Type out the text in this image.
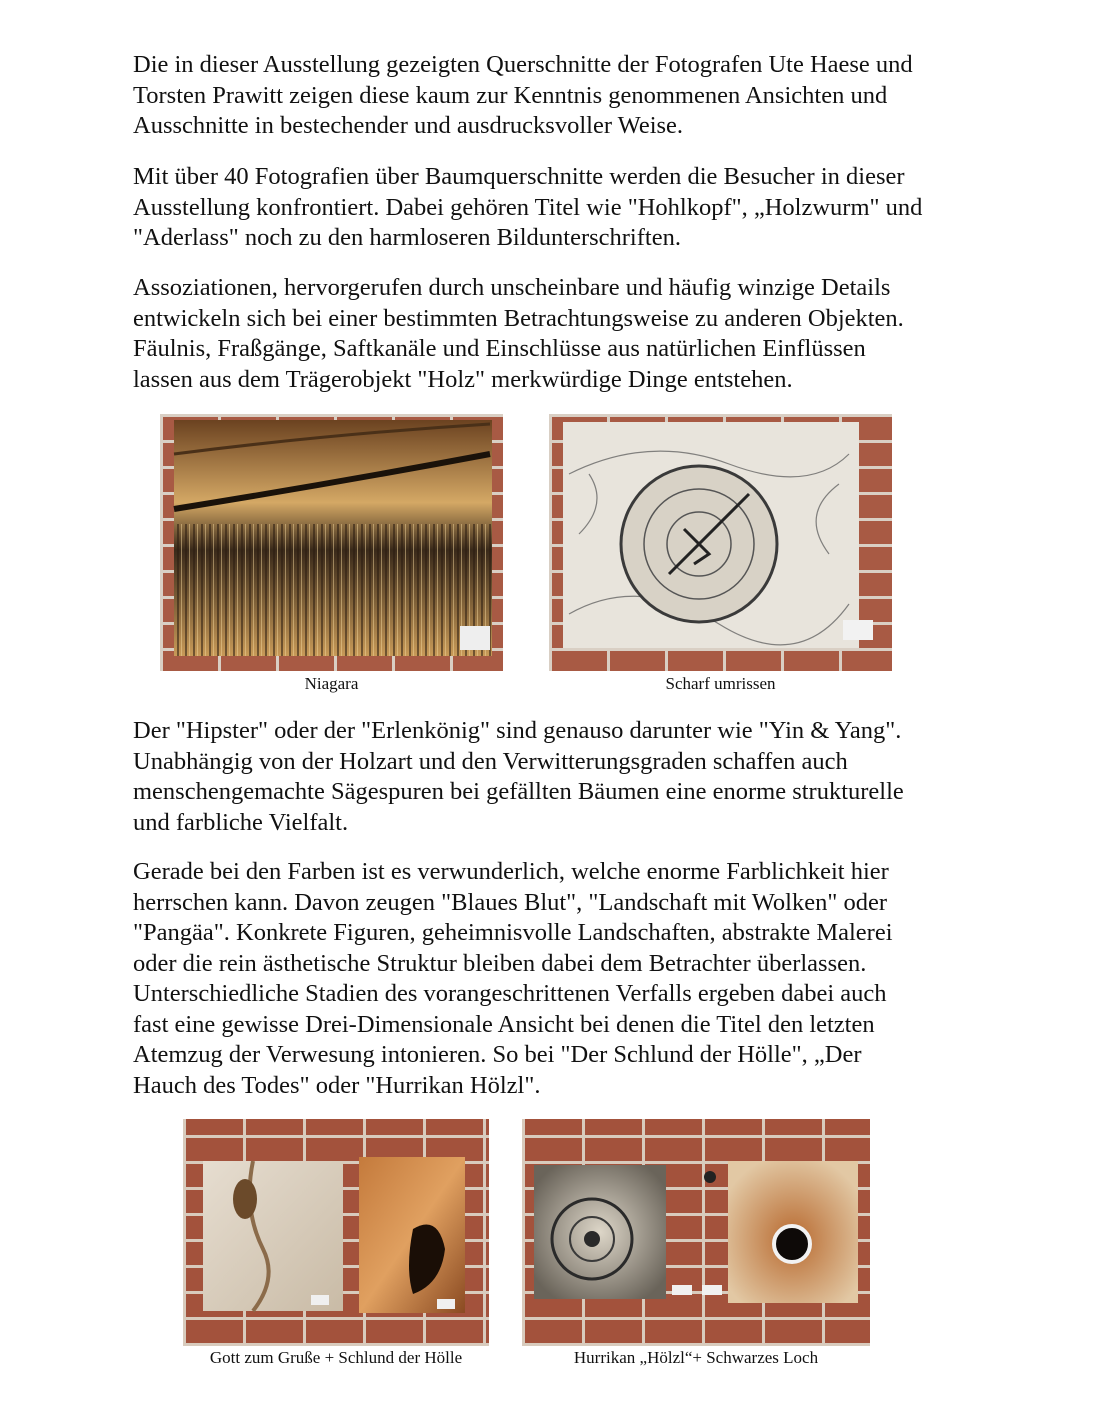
Die in dieser Ausstellung gezeigten Querschnitte der Fotografen Ute Haese und
Torsten Prawitt zeigen diese kaum zur Kenntnis genommenen Ansichten und
Ausschnitte in bestechender und ausdrucksvoller Weise.

Mit über 40 Fotografien über Baumquerschnitte werden die Besucher in dieser
Ausstellung konfrontiert. Dabei gehören Titel wie "Hohlkopf", „Holzwurm" und
"Aderlass" noch zu den harmloseren Bildunterschriften.

Assoziationen, hervorgerufen durch unscheinbare und häufig winzige Details
entwickeln sich bei einer bestimmten Betrachtungsweise zu anderen Objekten.
Fäulnis, Fraßgänge, Saftkanäle und Einschlüsse aus natürlichen Einflüssen
lassen aus dem Trägerobjekt "Holz" merkwürdige Dinge entstehen.

Niagara	Scharf umrissen

Der "Hipster" oder der "Erlenkönig" sind genauso darunter wie "Yin & Yang".
Unabhängig von der Holzart und den Verwitterungsgraden schaffen auch
menschengemachte Sägespuren bei gefällten Bäumen eine enorme strukturelle
und farbliche Vielfalt.

Gerade bei den Farben ist es verwunderlich, welche enorme Farblichkeit hier
herrschen kann. Davon zeugen "Blaues Blut", "Landschaft mit Wolken" oder
"Pangäa". Konkrete Figuren, geheimnisvolle Landschaften, abstrakte Malerei
oder die rein ästhetische Struktur bleiben dabei dem Betrachter überlassen.
Unterschiedliche Stadien des vorangeschrittenen Verfalls ergeben dabei auch
fast eine gewisse Drei-Dimensionale Ansicht bei denen die Titel den letzten
Atemzug der Verwesung intonieren. So bei "Der Schlund der Hölle", „Der
Hauch des Todes" oder "Hurrikan Hölzl".

Gott zum Gruße + Schlund der Hölle	Hurrikan „Hölzl“+ Schwarzes Loch
